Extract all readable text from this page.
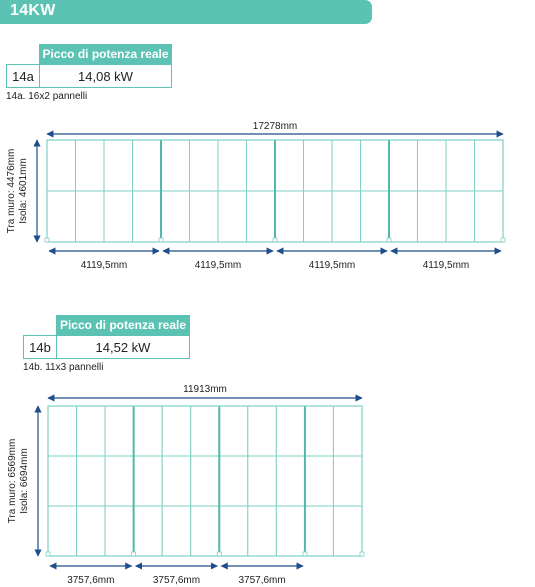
14KW
Picco di potenza reale
14a	14,08 kW
14a. 16x2 pannelli
Picco di potenza reale
14b	14,52 kW
14b. 11x3 pannelli
17278mm
Tra muro: 4476mm Isola: 4601mm
4119,5mm	4119,5mm	4119,5mm	4119,5mm
11913mm
Tra muro: 6569mm Isola: 6694mm
3757,6mm	3757,6mm	3757,6mm
